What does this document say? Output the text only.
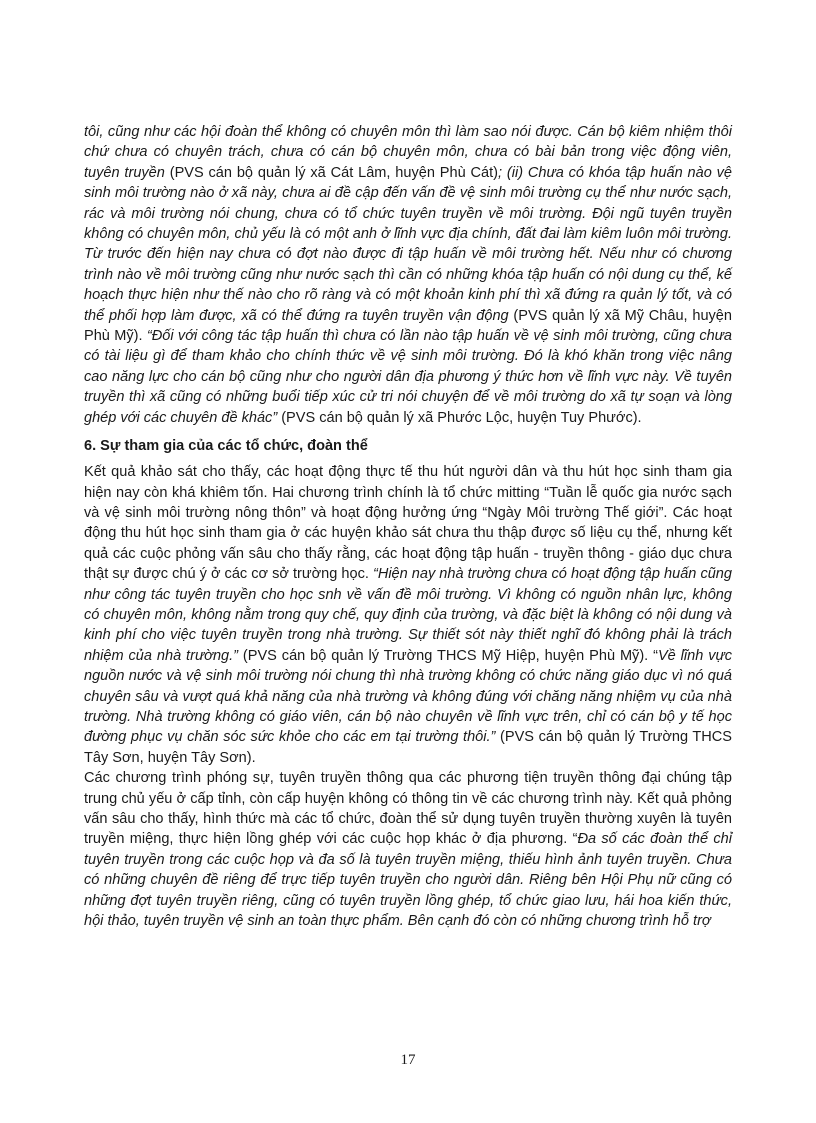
tôi, cũng như các hội đoàn thể không có chuyên môn thì làm sao nói được. Cán bộ kiêm nhiệm thôi chứ chưa có chuyên trách, chưa có cán bộ chuyên môn, chưa có bài bản trong việc động viên, tuyên truyền (PVS cán bộ quản lý xã Cát Lâm, huyện Phù Cát); (ii) Chưa có khóa tập huấn nào vệ sinh môi trường nào ở xã này, chưa ai đề cập đến vấn đề vệ sinh môi trường cụ thể như nước sạch, rác và môi trường nói chung, chưa có tổ chức tuyên truyền về môi trường. Đội ngũ tuyên truyền không có chuyên môn, chủ yếu là có một anh ở lĩnh vực địa chính, đất đai làm kiêm luôn môi trường. Từ trước đến hiện nay chưa có đợt nào được đi tập huấn về môi trường hết. Nếu như có chương trình nào về môi trường cũng như nước sạch thì cần có những khóa tập huấn có nội dung cụ thể, kế hoạch thực hiện như thế nào cho rõ ràng và có một khoản kinh phí thì xã đứng ra quản lý tốt, và có thể phối hợp làm được, xã có thể đứng ra tuyên truyền vận động (PVS quản lý xã Mỹ Châu, huyện Phù Mỹ). “Đối với công tác tập huấn thì chưa có lần nào tập huấn về vệ sinh môi trường, cũng chưa có tài liệu gì để tham khảo cho chính thức về vệ sinh môi trường. Đó là khó khăn trong việc nâng cao năng lực cho cán bộ cũng như cho người dân địa phương ý thức hơn về lĩnh vực này. Về tuyên truyền thì xã cũng có những buổi tiếp xúc cử tri nói chuyện để về môi trường do xã tự soạn và lòng ghép với các chuyên đề khác” (PVS cán bộ quản lý xã Phước Lộc, huyện Tuy Phước).

6. Sự tham gia của các tổ chức, đoàn thể

Kết quả khảo sát cho thấy, các hoạt động thực tế thu hút người dân và thu hút học sinh tham gia hiện nay còn khá khiêm tốn. Hai chương trình chính là tổ chức mitting “Tuần lễ quốc gia nước sạch và vệ sinh môi trường nông thôn” và hoạt động hưởng ứng “Ngày Môi trường Thế giới”. Các hoạt động thu hút học sinh tham gia ở các huyện khảo sát chưa thu thập được số liệu cụ thể, nhưng kết quả các cuộc phỏng vấn sâu cho thấy rằng, các hoạt động tập huấn - truyền thông - giáo dục chưa thật sự được chú ý ở các cơ sở trường học. “Hiện nay nhà trường chưa có hoạt động tập huấn cũng như công tác tuyên truyền cho học snh về vấn đề môi trường. Vì không có nguồn nhân lực, không có chuyên môn, không nằm trong quy chế, quy định của trường, và đặc biệt là không có nội dung và kinh phí cho việc tuyên truyền trong nhà trường. Sự thiết sót này thiết nghĩ đó không phải là trách nhiệm của nhà trường.” (PVS cán bộ quản lý Trường THCS Mỹ Hiệp, huyện Phù Mỹ). “Về lĩnh vực nguồn nước và vệ sinh môi trường nói chung thì nhà trường không có chức năng giáo dục vì nó quá chuyên sâu và vượt quá khả năng của nhà trường và không đúng với chăng năng nhiệm vụ của nhà trường. Nhà trường không có giáo viên, cán bộ nào chuyên về lĩnh vực trên, chỉ có cán bộ y tế học đường phục vụ chăn sóc sức khỏe cho các em tại trường thôi.” (PVS cán bộ quản lý Trường THCS Tây Sơn, huyện Tây Sơn).

Các chương trình phóng sự, tuyên truyền thông qua các phương tiện truyền thông đại chúng tập trung chủ yếu ở cấp tỉnh, còn cấp huyện không có thông tin về các chương trình này. Kết quả phỏng vấn sâu cho thấy, hình thức mà các tổ chức, đoàn thể sử dụng tuyên truyền thường xuyên là tuyên truyền miệng, thực hiện lồng ghép với các cuộc họp khác ở địa phương. “Đa số các đoàn thể chỉ tuyên truyền trong các cuộc họp và đa số là tuyên truyền miệng, thiếu hình ảnh tuyên truyền. Chưa có những chuyên đề riêng để trực tiếp tuyên truyền cho người dân. Riêng bên Hội Phụ nữ cũng có những đợt tuyên truyền riêng, cũng có tuyên truyền lồng ghép, tổ chức giao lưu, hái hoa kiến thức, hội thảo, tuyên truyền vệ sinh an toàn thực phẩm. Bên cạnh đó còn có những chương trình hỗ trợ

17
